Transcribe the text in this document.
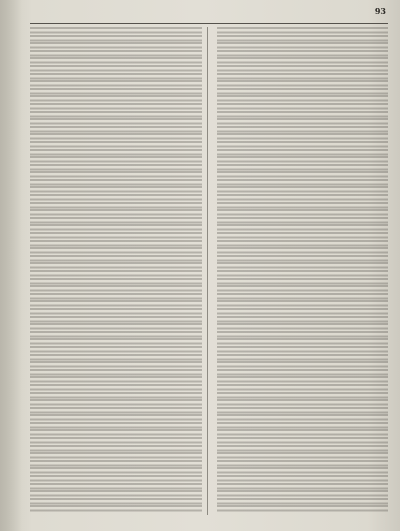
93
